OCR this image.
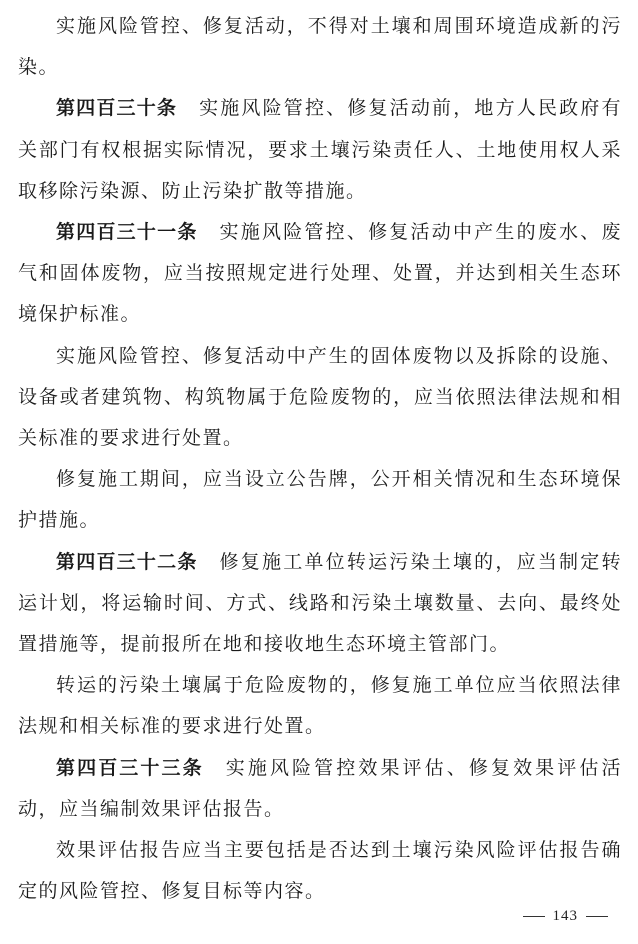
实施风险管控、修复活动，不得对土壤和周围环境造成新的污染。

第四百三十条 实施风险管控、修复活动前，地方人民政府有关部门有权根据实际情况，要求土壤污染责任人、土地使用权人采取移除污染源、防止污染扩散等措施。

第四百三十一条 实施风险管控、修复活动中产生的废水、废气和固体废物，应当按照规定进行处理、处置，并达到相关生态环境保护标准。

实施风险管控、修复活动中产生的固体废物以及拆除的设施、设备或者建筑物、构筑物属于危险废物的，应当依照法律法规和相关标准的要求进行处置。

修复施工期间，应当设立公告牌，公开相关情况和生态环境保护措施。

第四百三十二条 修复施工单位转运污染土壤的，应当制定转运计划，将运输时间、方式、线路和污染土壤数量、去向、最终处置措施等，提前报所在地和接收地生态环境主管部门。

转运的污染土壤属于危险废物的，修复施工单位应当依照法律法规和相关标准的要求进行处置。

第四百三十三条 实施风险管控效果评估、修复效果评估活动，应当编制效果评估报告。

效果评估报告应当主要包括是否达到土壤污染风险评估报告确定的风险管控、修复目标等内容。

143
